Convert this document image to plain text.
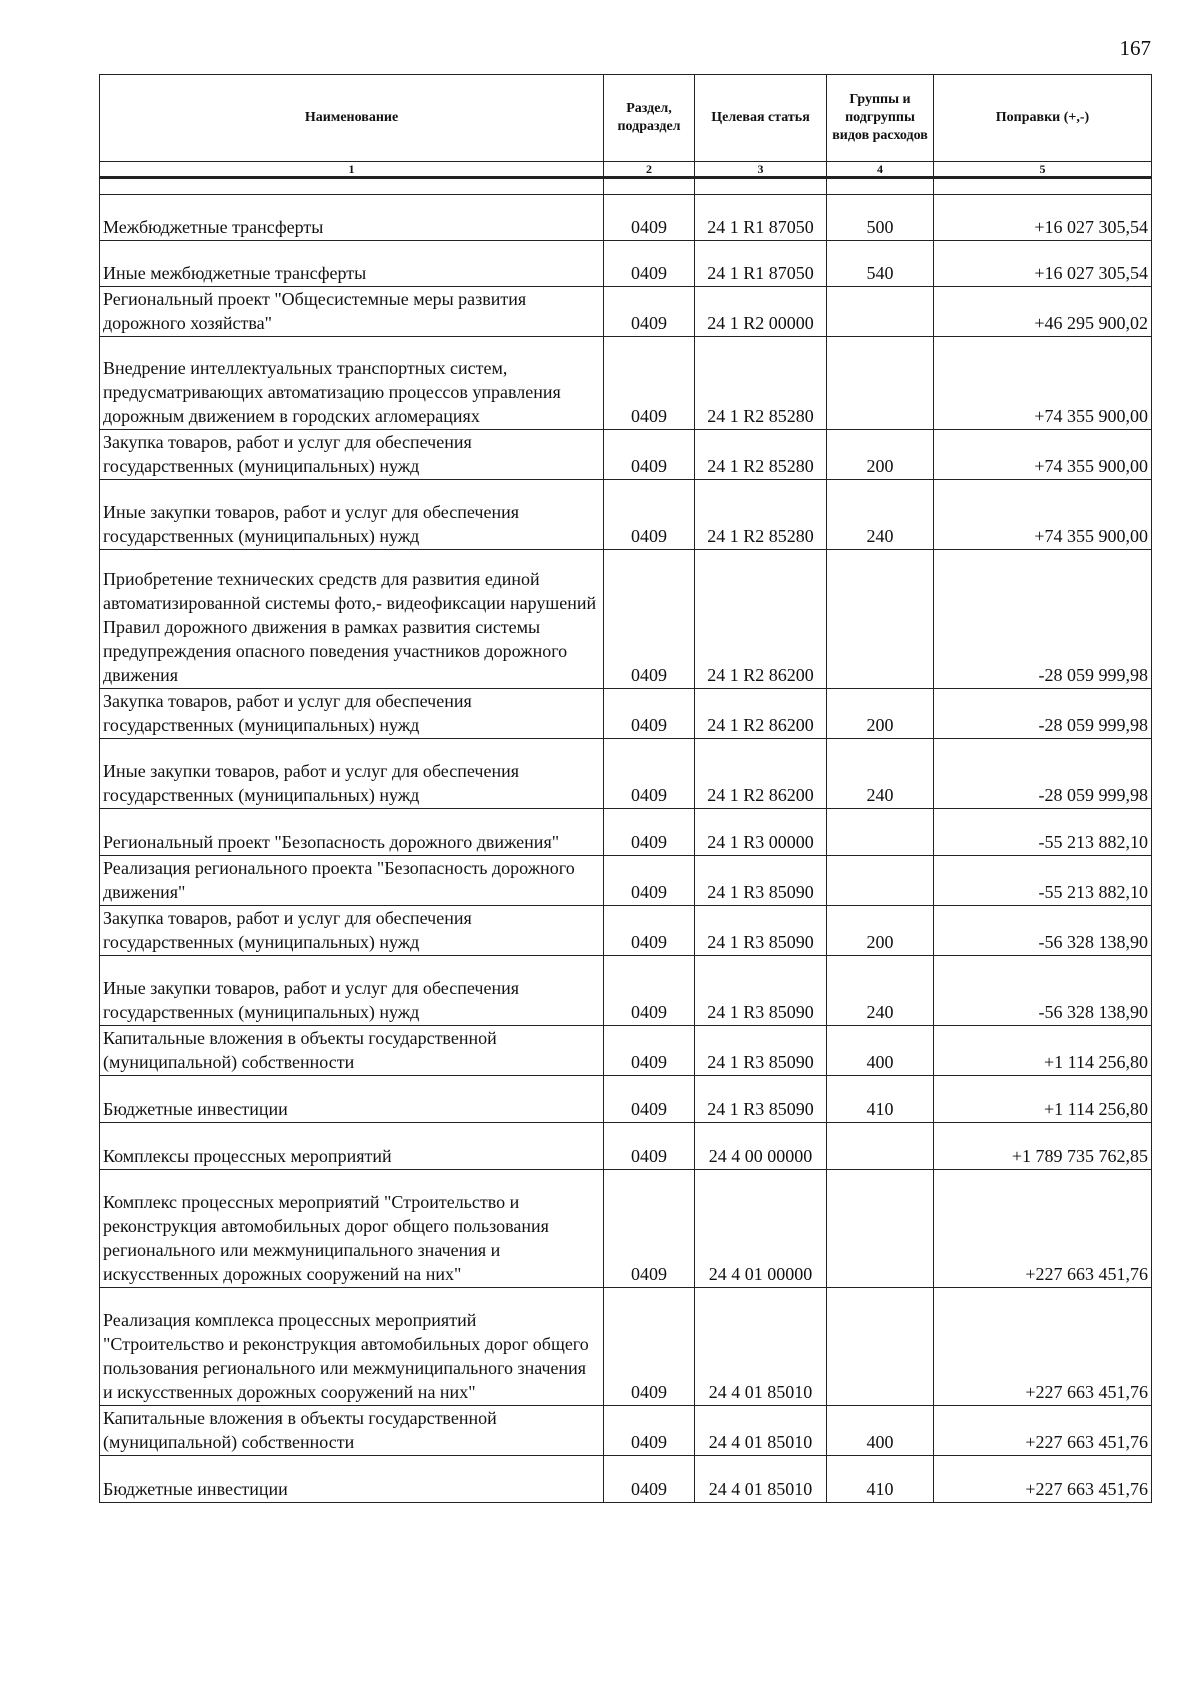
167
Наименование	Раздел, подраздел	Целевая статья	Группы и подгруппы видов расходов	Поправки (+,-)
1	2	3	4	5

Межбюджетные трансферты	0409	24 1 R1 87050	500	+16 027 305,54
Иные межбюджетные трансферты	0409	24 1 R1 87050	540	+16 027 305,54
Региональный проект "Общесистемные меры развития дорожного хозяйства"	0409	24 1 R2 00000		+46 295 900,02
Внедрение интеллектуальных транспортных систем, предусматривающих автоматизацию процессов управления дорожным движением в городских агломерациях	0409	24 1 R2 85280		+74 355 900,00
Закупка товаров, работ и услуг для обеспечения государственных (муниципальных) нужд	0409	24 1 R2 85280	200	+74 355 900,00
Иные закупки товаров, работ и услуг для обеспечения государственных (муниципальных) нужд	0409	24 1 R2 85280	240	+74 355 900,00
Приобретение технических средств для развития единой автоматизированной системы фото,- видеофиксации нарушений Правил дорожного движения в рамках развития системы предупреждения опасного поведения участников дорожного движения	0409	24 1 R2 86200		-28 059 999,98
Закупка товаров, работ и услуг для обеспечения государственных (муниципальных) нужд	0409	24 1 R2 86200	200	-28 059 999,98
Иные закупки товаров, работ и услуг для обеспечения государственных (муниципальных) нужд	0409	24 1 R2 86200	240	-28 059 999,98
Региональный проект "Безопасность дорожного движения"	0409	24 1 R3 00000		-55 213 882,10
Реализация регионального проекта "Безопасность дорожного движения"	0409	24 1 R3 85090		-55 213 882,10
Закупка товаров, работ и услуг для обеспечения государственных (муниципальных) нужд	0409	24 1 R3 85090	200	-56 328 138,90
Иные закупки товаров, работ и услуг для обеспечения государственных (муниципальных) нужд	0409	24 1 R3 85090	240	-56 328 138,90
Капитальные вложения в объекты государственной (муниципальной) собственности	0409	24 1 R3 85090	400	+1 114 256,80
Бюджетные инвестиции	0409	24 1 R3 85090	410	+1 114 256,80
Комплексы процессных мероприятий	0409	24 4 00 00000		+1 789 735 762,85
Комплекс процессных мероприятий "Строительство и реконструкция автомобильных дорог общего пользования регионального или межмуниципального значения и искусственных дорожных сооружений на них"	0409	24 4 01 00000		+227 663 451,76
Реализация комплекса процессных мероприятий "Строительство и реконструкция автомобильных дорог общего пользования регионального или межмуниципального значения и искусственных дорожных сооружений на них"	0409	24 4 01 85010		+227 663 451,76
Капитальные вложения в объекты государственной (муниципальной) собственности	0409	24 4 01 85010	400	+227 663 451,76
Бюджетные инвестиции	0409	24 4 01 85010	410	+227 663 451,76
